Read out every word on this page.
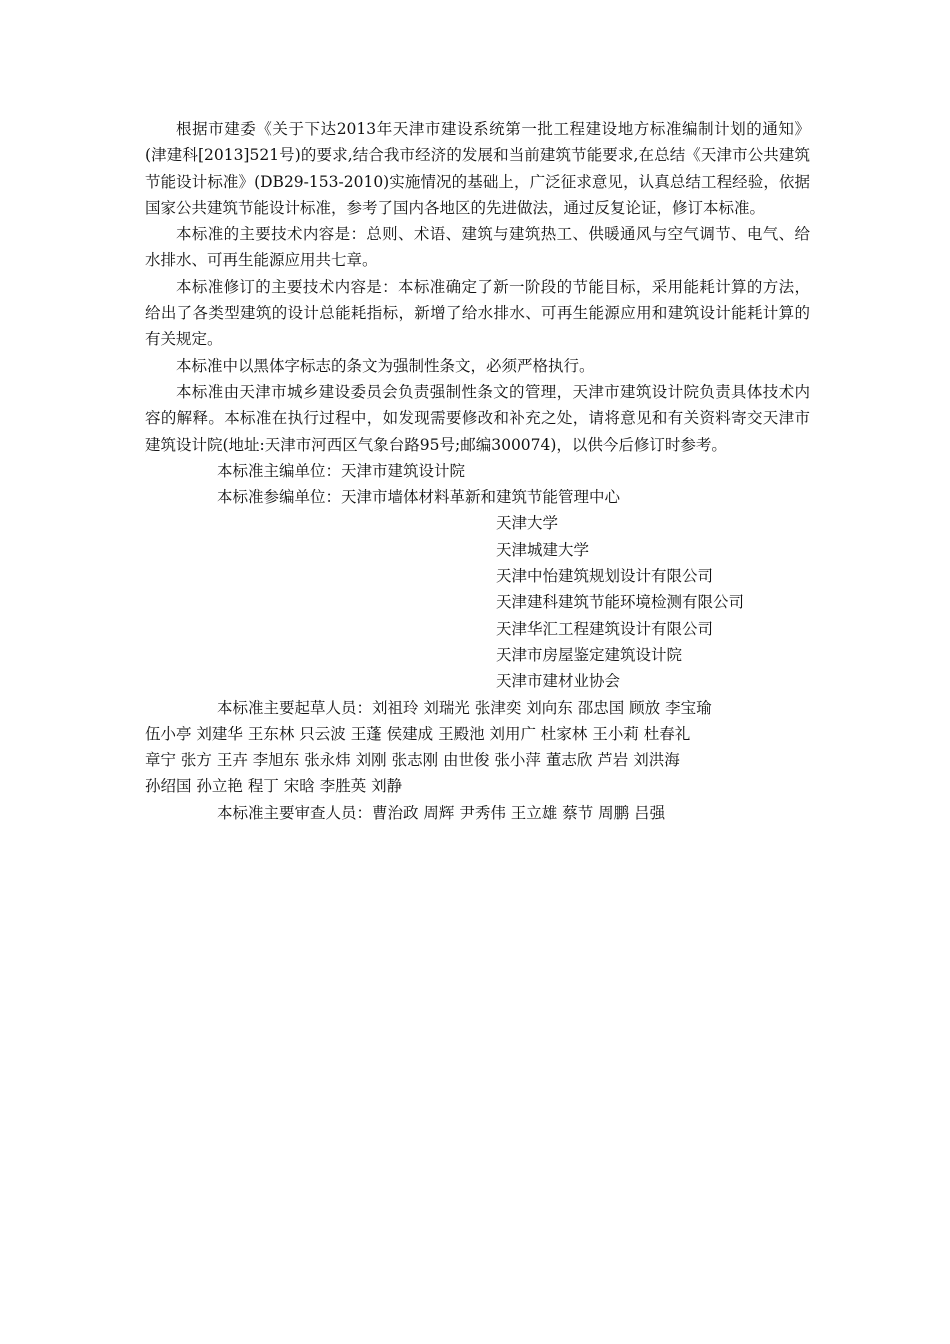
根据市建委《关于下达2013年天津市建设系统第一批工程建设地方标准编制计划的通知》(津建科[2013]521号)的要求,结合我市经济的发展和当前建筑节能要求,在总结《天津市公共建筑节能设计标准》(DB29-153-2010)实施情况的基础上，广泛征求意见，认真总结工程经验，依据国家公共建筑节能设计标准，参考了国内各地区的先进做法，通过反复论证，修订本标准。

本标准的主要技术内容是：总则、术语、建筑与建筑热工、供暖通风与空气调节、电气、给水排水、可再生能源应用共七章。

本标准修订的主要技术内容是：本标准确定了新一阶段的节能目标，采用能耗计算的方法，给出了各类型建筑的设计总能耗指标，新增了给水排水、可再生能源应用和建筑设计能耗计算的有关规定。

本标准中以黑体字标志的条文为强制性条文，必须严格执行。

本标准由天津市城乡建设委员会负责强制性条文的管理，天津市建筑设计院负责具体技术内容的解释。本标准在执行过程中，如发现需要修改和补充之处，请将意见和有关资料寄交天津市建筑设计院(地址:天津市河西区气象台路95号;邮编300074)，以供今后修订时参考。

本标准主编单位：天津市建筑设计院
本标准参编单位：天津市墙体材料革新和建筑节能管理中心
天津大学
天津城建大学
天津中怡建筑规划设计有限公司
天津建科建筑节能环境检测有限公司
天津华汇工程建筑设计有限公司
天津市房屋鉴定建筑设计院
天津市建材业协会
本标准主要起草人员：刘祖玲 刘瑞光 张津奕 刘向东 邵忠国 顾放 李宝瑜
伍小亭 刘建华 王东林 只云波 王蓬 侯建成 王殿池 刘用广 杜家林 王小莉 杜春礼
章宁 张方 王卉 李旭东 张永炜 刘刚 张志刚 由世俊 张小萍 董志欣 芦岩 刘洪海
孙绍国 孙立艳 程丁 宋晗 李胜英 刘静
本标准主要审查人员：曹治政 周辉 尹秀伟 王立雄 蔡节 周鹏 吕强
